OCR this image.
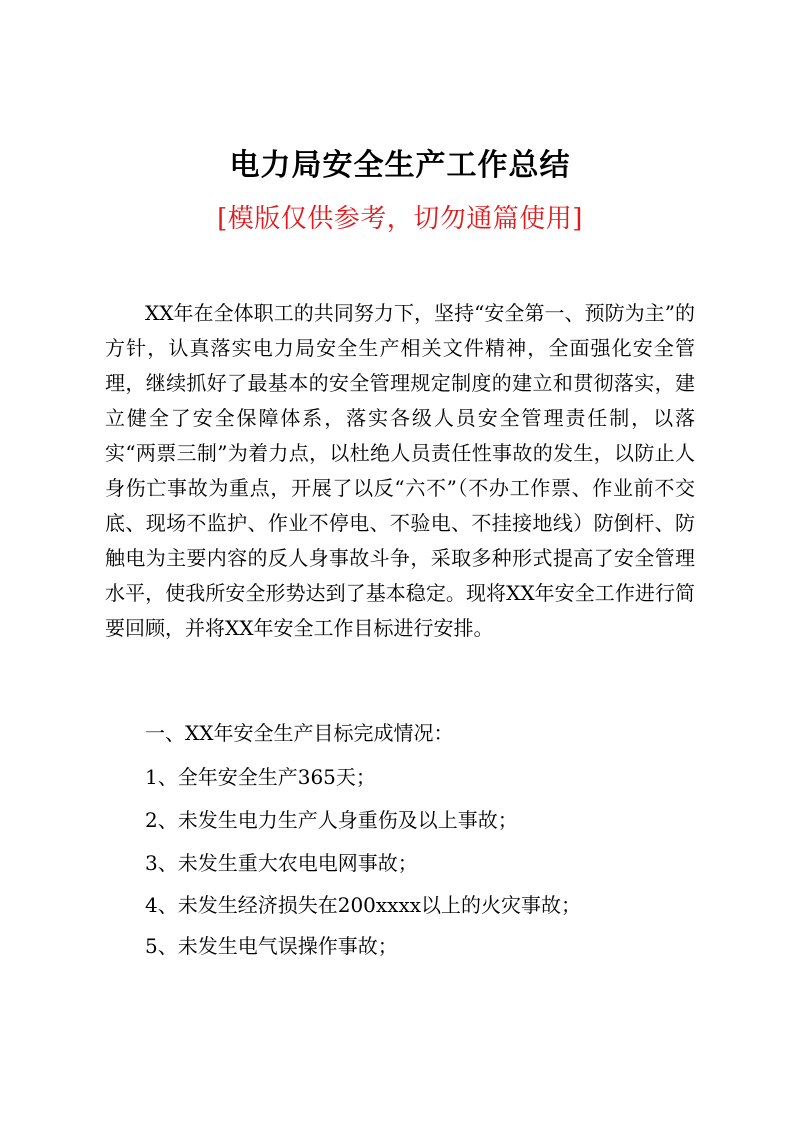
电力局安全生产工作总结
[模版仅供参考，切勿通篇使用]

XX年在全体职工的共同努力下，坚持“安全第一、预防为主”的方针，认真落实电力局安全生产相关文件精神，全面强化安全管理，继续抓好了最基本的安全管理规定制度的建立和贯彻落实，建立健全了安全保障体系，落实各级人员安全管理责任制，以落实“两票三制”为着力点，以杜绝人员责任性事故的发生，以防止人身伤亡事故为重点，开展了以反“六不”（不办工作票、作业前不交底、现场不监护、作业不停电、不验电、不挂接地线）防倒杆、防触电为主要内容的反人身事故斗争，采取多种形式提高了安全管理水平，使我所安全形势达到了基本稳定。现将XX年安全工作进行简要回顾，并将XX年安全工作目标进行安排。

一、XX年安全生产目标完成情况：

1、全年安全生产365天；

2、未发生电力生产人身重伤及以上事故；

3、未发生重大农电电网事故；

4、未发生经济损失在200xxxx以上的火灾事故；

5、未发生电气误操作事故；
